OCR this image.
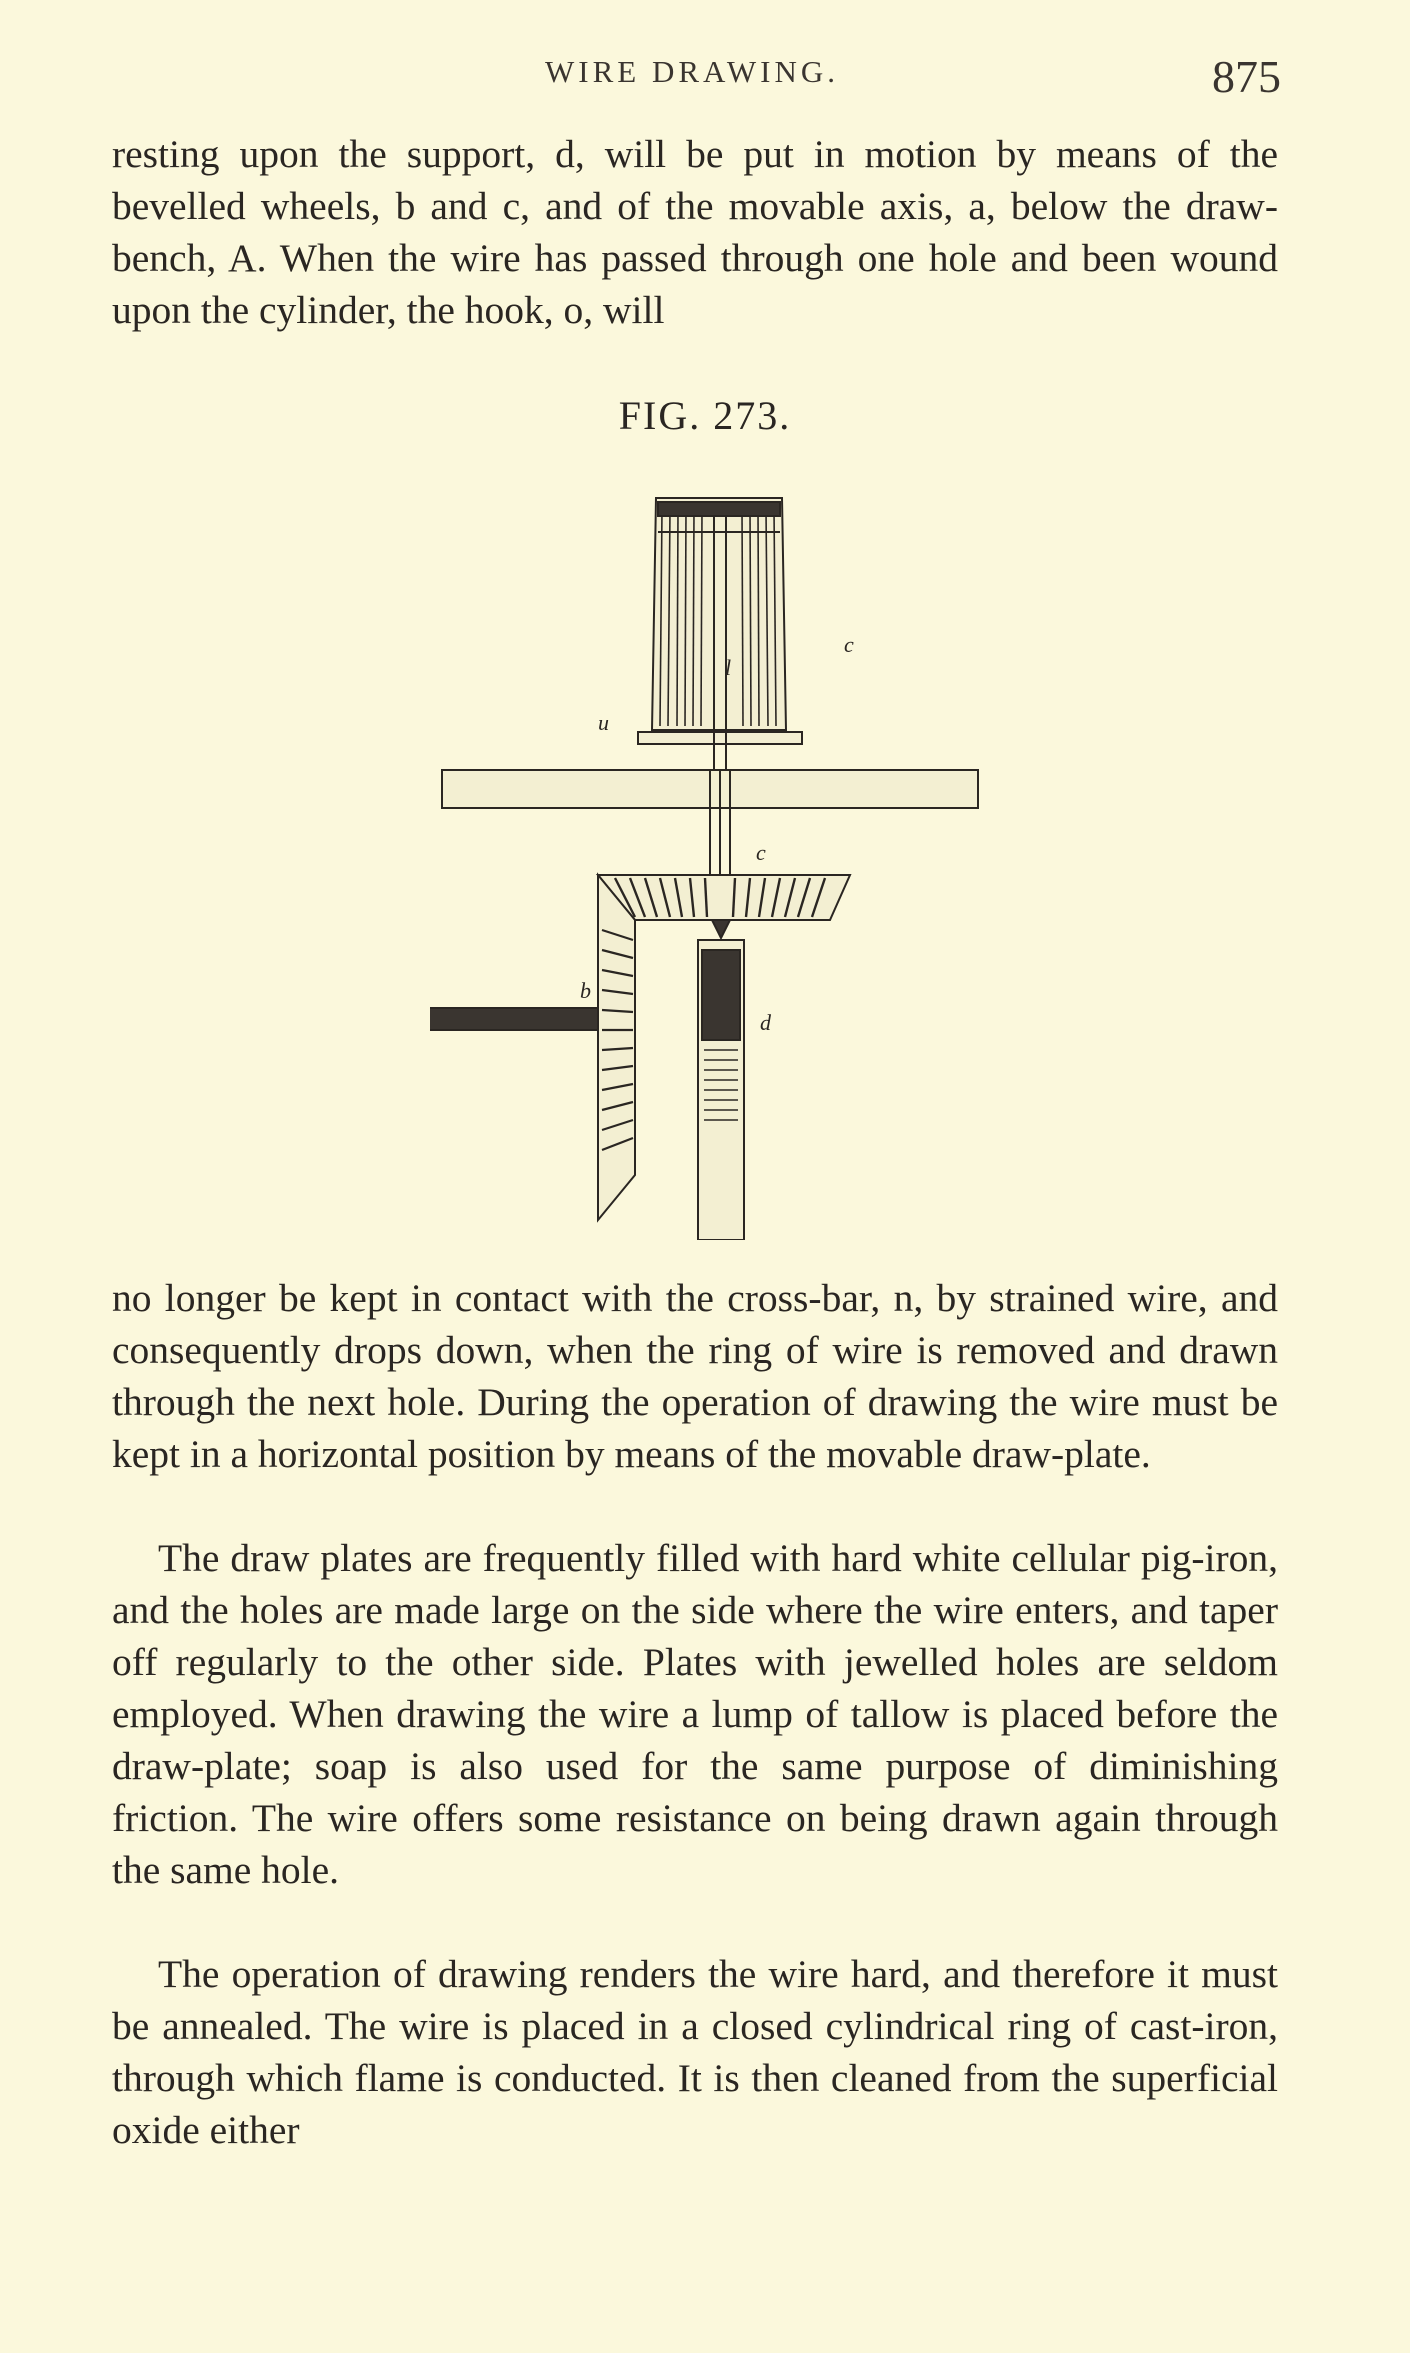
WIRE DRAWING.	875

resting upon the support, d, will be put in motion by means of the bevelled wheels, b and c, and of the movable axis, a, below the draw-bench, A. When the wire has passed through one hole and been wound upon the cylinder, the hook, o, will

FIG. 273.
l
c
u
c
b
d

no longer be kept in contact with the cross-bar, n, by strained wire, and consequently drops down, when the ring of wire is removed and drawn through the next hole. During the operation of drawing the wire must be kept in a horizontal position by means of the movable draw-plate.

The draw plates are frequently filled with hard white cellular pig-iron, and the holes are made large on the side where the wire enters, and taper off regularly to the other side. Plates with jewelled holes are seldom employed. When drawing the wire a lump of tallow is placed before the draw-plate; soap is also used for the same purpose of diminishing friction. The wire offers some resistance on being drawn again through the same hole.

The operation of drawing renders the wire hard, and therefore it must be annealed. The wire is placed in a closed cylindrical ring of cast-iron, through which flame is conducted. It is then cleaned from the superficial oxide either
